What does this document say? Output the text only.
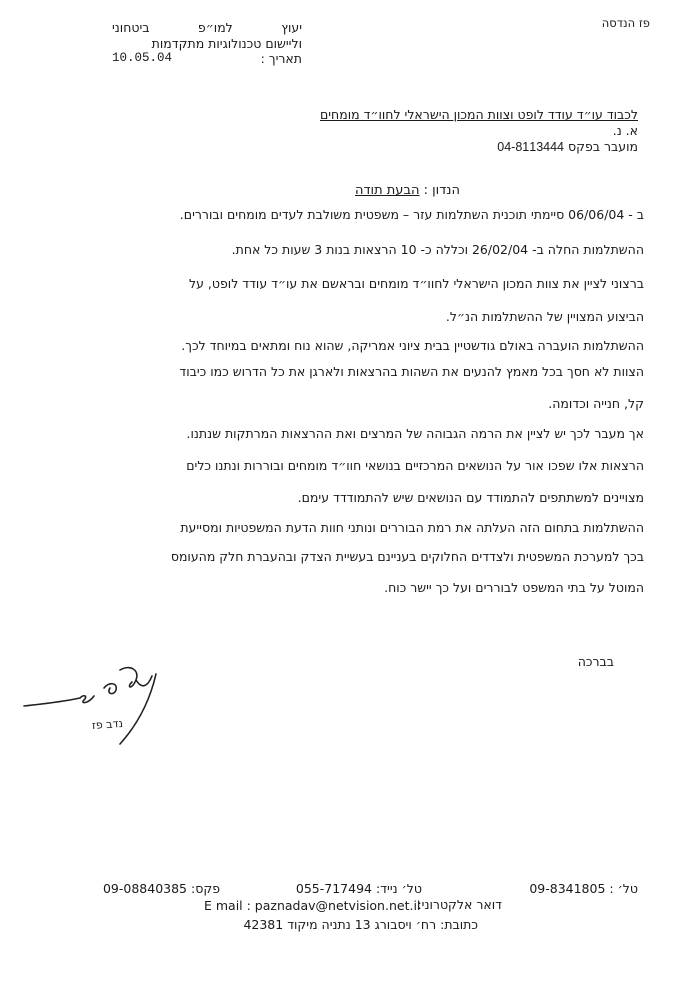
פז הנדסה
יעוץ
למו״פ
ביטחוני
וליישום טכנולוגיות מתקדמות
תאריך :
10.05.04
לכבוד עו״ד עודד לופט וצוות המכון הישראלי לחוו״ד מומחים
א. נ.
מועבר בפקס 04-8113444
הנדון : הבעת תודה
ב - 06/06/04 סיימתי תוכנית השתלמות עזר – משפטית משולבת לעדים מומחים ובוררים.
ההשתלמות החלה ב- 26/02/04 וכללה כ- 10 הרצאות בנות 3 שעות כל אחת.
ברצוני לציין את צוות המכון הישראלי לחוו״ד מומחים ובראשם את עו״ד עודד לופט, על
הביצוע המצויין של ההשתלמות הנ״ל.
ההשתלמות הועברה באולם גודשטיין בבית ציוני אמריקה, שהוא נוח ומתאים במיוחד לכך.
הצוות לא חסך בכל מאמץ להנעים את השהות בהרצאות ולארגן את כל הדרוש כמו כיבוד
קל, חנייה וכדומה.
אך מעבר לכך יש לציין את הרמה הגבוהה של המרצים ואת ההרצאות המרתקות שנתנו.
הרצאות אלו שפכו אור על הנושאים המרכזיים בנושאי חוו״ד מומחים ובוררות ונתנו כלים
מצויינים למשתתפים להתמודד עם הנושאים שיש להתמודדד עימם.
ההשתלמות בתחום הזה העלתה את רמת הבוררים ונותני חוות הדעת המשפטיות ומסייעת
בכך למערכת המשפטית ולצדדים החלוקים בעניינם בעשיית הצדק ובהעברת חלק מהעומס
המוטל על בתי המשפט לבוררים ועל כך יישר כוח.
בברכה
נדב פז
טל׳ : 09-8341805
טל׳ נייד: 055-717494
פקס: 09-08840385
דואר אלקטרוני:
E mail : paznadav@netvision.net.il
כתובת: רח׳ ויסבורג 13 נתניה מיקוד 42381
